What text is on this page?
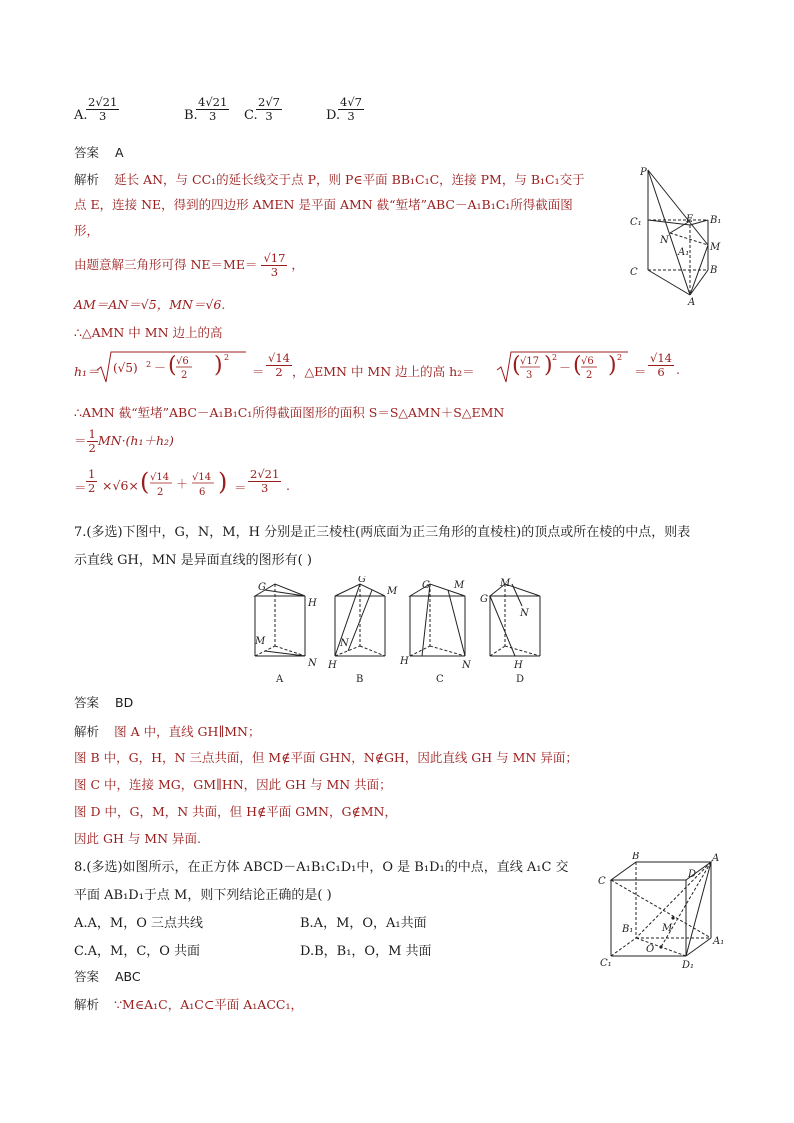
A.
$\frac{2√21}{3}$	B.
$\frac{4√21}{3} C$.
$\frac{2√7}{3}$	D.
$\frac{4√7}{3}$
答案 A
解析 延长 AN，与 CC₁的延长线交于点 P，则 P∈平面 BB₁C₁C，连接 PM，与 B₁C₁交于
点 E，连接 NE，得到的四边形 AMEN 是平面 AMN 截“堑堵”ABC－A₁B₁C₁所得截面图
形，
由题意解三角形可得 $NE=ME= \frac{√17}{3}$ ，
AM＝AN＝√5，MN＝√6.
∴△AMN 中 MN 边上的高
h₁＝ (√5) 2 － ( √6
2 ) 2
＝ $\frac{√14}{2}$ ，△EMN 中 MN 边上的高 h₂＝ ( √17
3 ) 2
－ ( √6
2 ) 2
＝ $\frac{√14}{6}$ .
∴AMN 截“堑堵”ABC－A₁B₁C₁所得截面图形的面积 S＝S△AMN＋S△EMN
＝ $\frac{1}{2} MN\cdot(h_1+h_2)$
＝ $\frac{1}{2} \times√6\times$ ( √14
2
＋ √14
6 ) ＝ $\frac{2√21}{3}$ .
P
C₁
C
B₁
B
E
M
N
A₁
A
7.(多选)下图中，G，N，M，H 分别是正三棱柱(两底面为正三角形的直棱柱)的顶点或所在棱的中点，则表
示直线 GH，MN 是异面直线的图形有( )
G
H
M
N
G
M
N
H
G M
H	N
G
M
N
H
A	B	C	D
答案 BD
解析 图 A 中，直线 GH∥MN；
图 B 中，G，H，N 三点共面，但 M∉平面 GHN，N∉GH，因此直线 GH 与 MN 异面；
图 C 中，连接 MG，GM∥HN，因此 GH 与 MN 共面；
图 D 中，G，M，N 共面，但 H∉平面 GMN，G∉MN，
因此 GH 与 MN 异面.
8.(多选)如图所示，在正方体 ABCD－A₁B₁C₁D₁中，O 是 B₁D₁的中点，直线 A₁C 交
平面 AB₁D₁于点 M，则下列结论正确的是( )
A.A，M，O 三点共线	B.A，M，O，A₁共面
C.A，M，C，O 共面	D.B，B₁，O，M 共面
答案 ABC
解析 ∵M∈A₁C，A₁C⊂平面 A₁ACC₁，
B	A
C
D
B₁	M
O
A₁
C₁	D₁
